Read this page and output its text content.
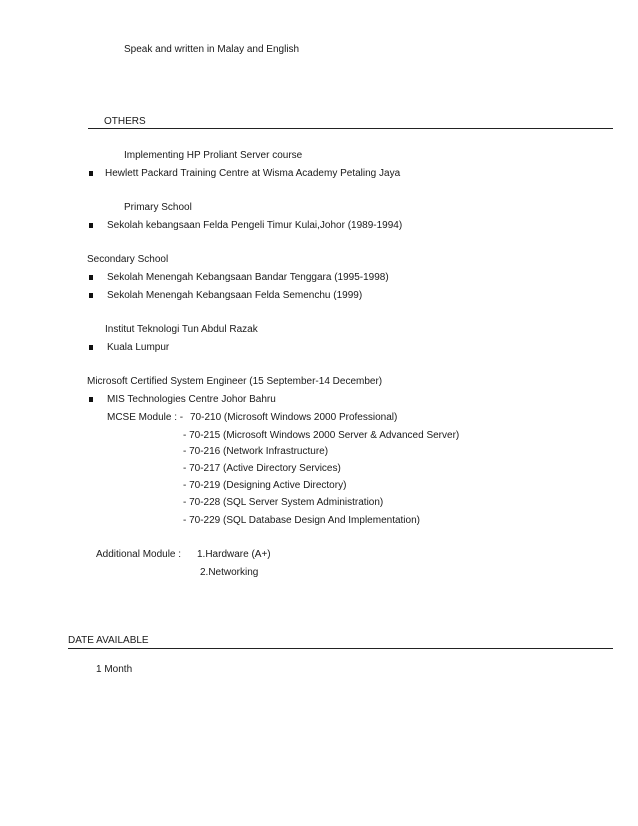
Speak and written in Malay and English
OTHERS
Implementing HP Proliant Server course
Hewlett Packard Training Centre at Wisma Academy Petaling Jaya
Primary School
Sekolah kebangsaan Felda Pengeli Timur Kulai,Johor (1989-1994)
Secondary School
Sekolah Menengah Kebangsaan Bandar Tenggara (1995-1998)
Sekolah Menengah Kebangsaan Felda Semenchu (1999)
Institut Teknologi Tun Abdul Razak
Kuala Lumpur
Microsoft Certified System Engineer (15 September-14 December)
MIS Technologies Centre Johor Bahru
MCSE Module : - 70-210 (Microsoft Windows 2000 Professional)
- 70-215 (Microsoft Windows 2000 Server & Advanced Server)
- 70-216 (Network Infrastructure)
- 70-217 (Active Directory Services)
- 70-219 (Designing Active Directory)
- 70-228 (SQL Server System Administration)
- 70-229 (SQL Database Design And Implementation)
Additional Module : 1.Hardware (A+)
2.Networking
DATE AVAILABLE
1 Month
